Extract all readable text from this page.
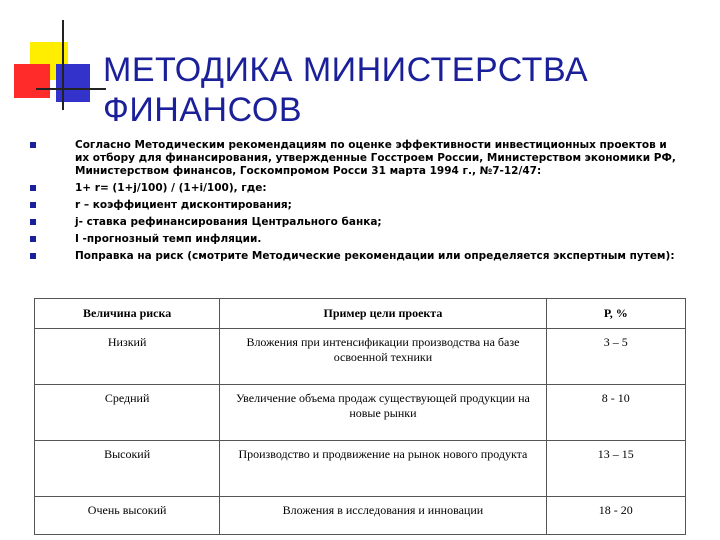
МЕТОДИКА МИНИСТЕРСТВА
ФИНАНСОВ
Согласно Методическим рекомендациям по оценке эффективности инвестиционных проектов и их отбору для финансирования, утвержденные Госстроем России, Министерством экономики РФ, Министерством финансов, Госкомпромом Росси 31 марта 1994 г., №7-12/47:
1+ r= (1+j/100) / (1+i/100), где:
r – коэффициент дисконтирования;
j- ставка рефинансирования Центрального банка;
I -прогнозный темп инфляции.
Поправка на риск (смотрите Методические рекомендации или определяется экспертным путем):
Величина риска	Пример цели проекта	Р, %
Низкий	Вложения при интенсификации производства на базе освоенной техники	3 – 5
Средний	Увеличение объема продаж существующей продукции на новые рынки	8 - 10
Высокий	Производство и продвижение на рынок нового продукта	13 – 15
Очень высокий	Вложения в исследования и инновации	18 - 20
